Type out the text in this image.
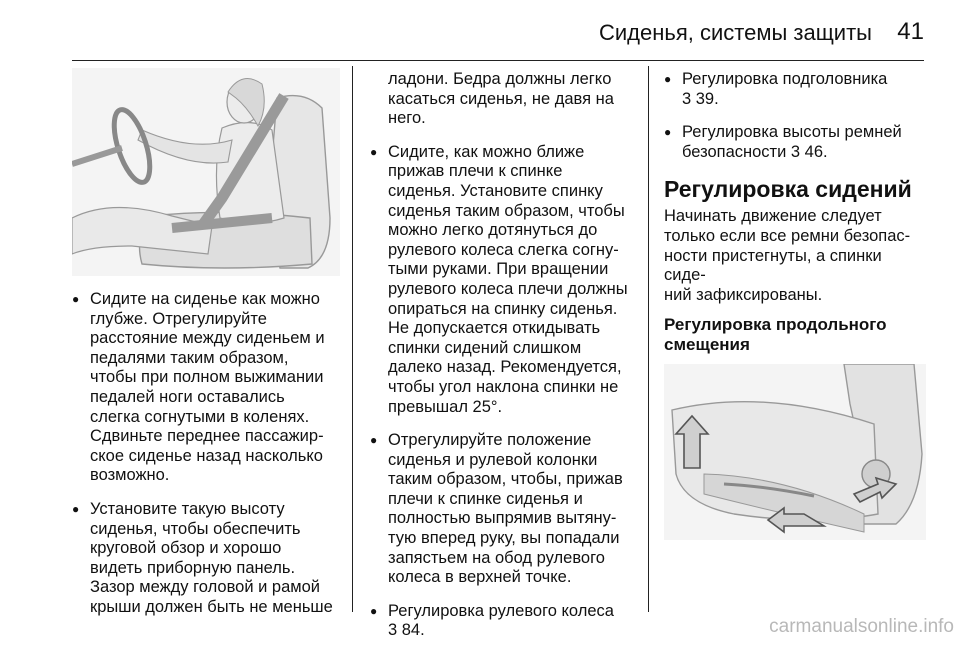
Сиденья, системы защиты 41

● Сидите на сиденье как можно

глубже. Отрегулируйте

расстояние между сиденьем и

педалями таким образом,

чтобы при полном выжимании

педалей ноги оставались

слегка согнутыми в коленях.

Сдвиньте переднее пассажир-

ское сиденье назад насколько

возможно.

● Установите такую высоту

сиденья, чтобы обеспечить

круговой обзор и хорошо

видеть приборную панель.

Зазор между головой и рамой

крыши должен быть не меньше

ладони. Бедра должны легко

касаться сиденья, не давя на

него.

● Сидите, как можно ближе

прижав плечи к спинке

сиденья. Установите спинку

сиденья таким образом, чтобы

можно легко дотянуться до

рулевого колеса слегка согну-

тыми руками. При вращении

рулевого колеса плечи должны

опираться на спинку сиденья.

Не допускается откидывать

спинки сидений слишком

далеко назад. Рекомендуется,

чтобы угол наклона спинки не

превышал 25°.

● Отрегулируйте положение

сиденья и рулевой колонки

таким образом, чтобы, прижав

плечи к спинке сиденья и

полностью выпрямив вытяну-

тую вперед руку, вы попадали

запястьем на обод рулевого

колеса в верхней точке.

● Регулировка рулевого колеса

3 84.

● Регулировка подголовника

3 39.

● Регулировка высоты ремней

безопасности 3 46.

Регулировка сидений

Начинать движение следует

только если все ремни безопас-

ности пристегнуты, а спинки сиде-

ний зафиксированы.

Регулировка продольного

смещения

carmanualsonline.info
